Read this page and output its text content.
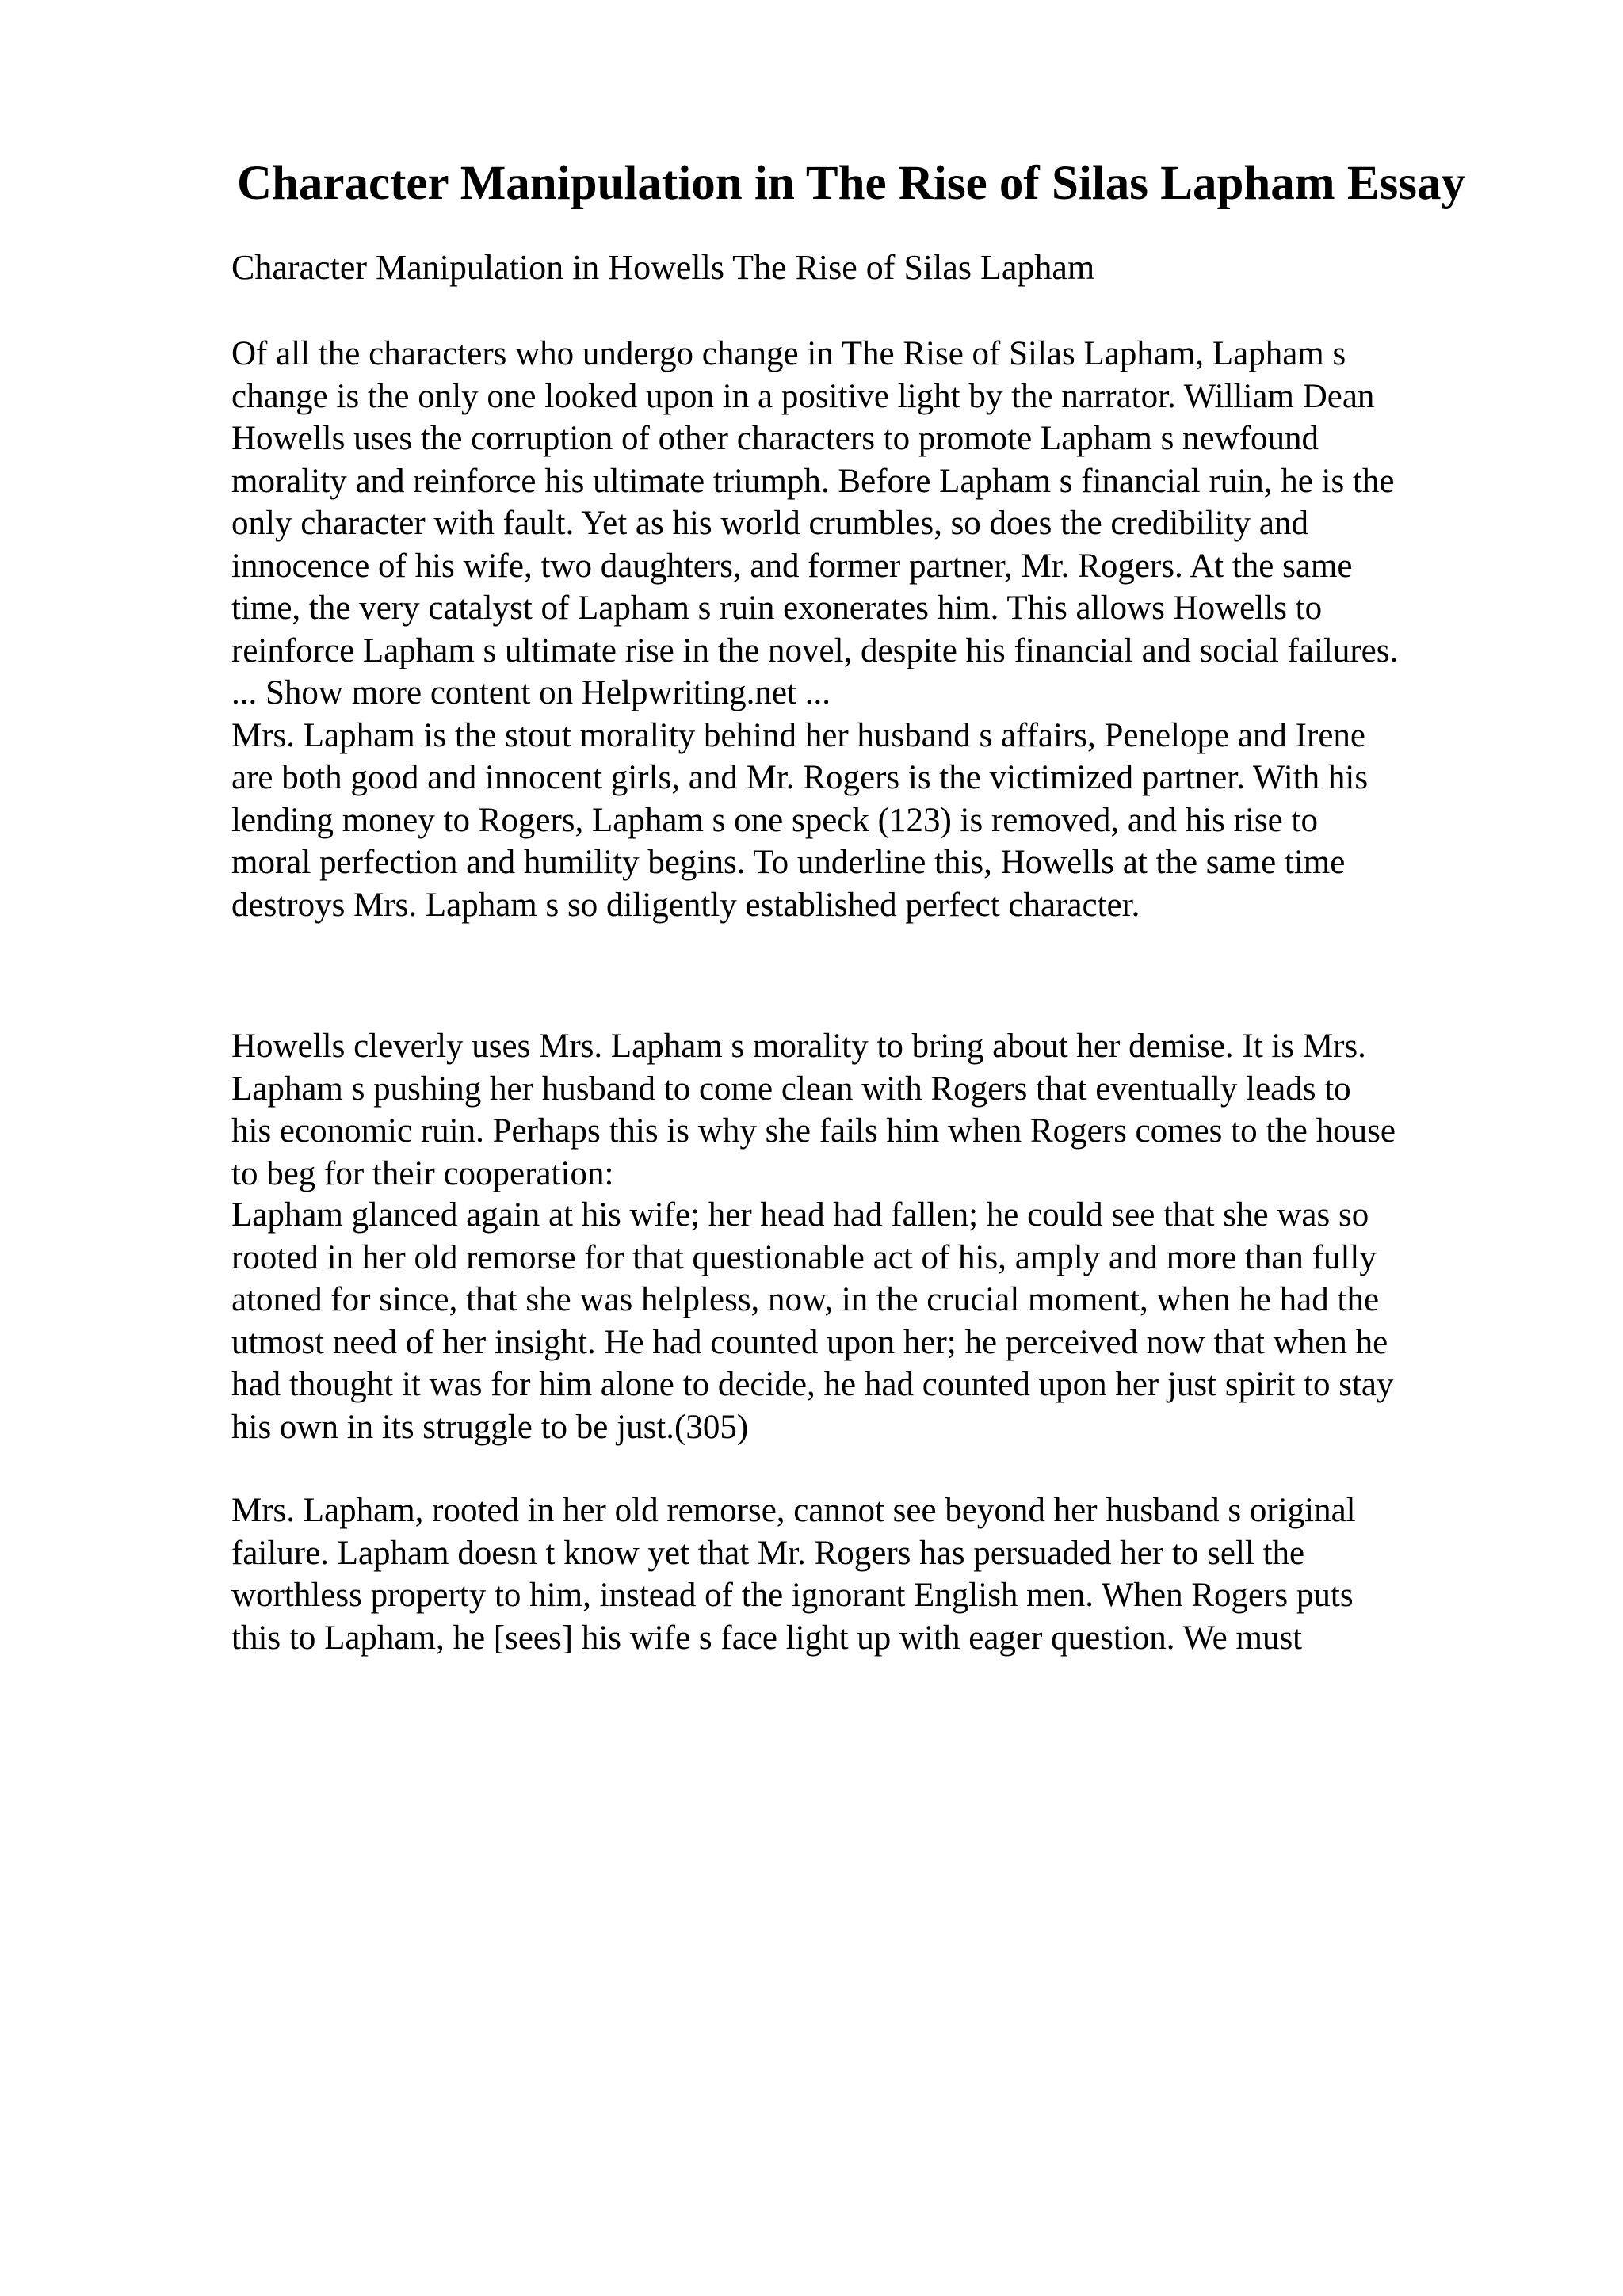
Character Manipulation in The Rise of Silas Lapham Essay

Character Manipulation in Howells The Rise of Silas Lapham

Of all the characters who undergo change in The Rise of Silas Lapham, Lapham s
change is the only one looked upon in a positive light by the narrator. William Dean
Howells uses the corruption of other characters to promote Lapham s newfound
morality and reinforce his ultimate triumph. Before Lapham s financial ruin, he is the
only character with fault. Yet as his world crumbles, so does the credibility and
innocence of his wife, two daughters, and former partner, Mr. Rogers. At the same
time, the very catalyst of Lapham s ruin exonerates him. This allows Howells to
reinforce Lapham s ultimate rise in the novel, despite his financial and social failures.
... Show more content on Helpwriting.net ...
Mrs. Lapham is the stout morality behind her husband s affairs, Penelope and Irene
are both good and innocent girls, and Mr. Rogers is the victimized partner. With his
lending money to Rogers, Lapham s one speck (123) is removed, and his rise to
moral perfection and humility begins. To underline this, Howells at the same time
destroys Mrs. Lapham s so diligently established perfect character.

Howells cleverly uses Mrs. Lapham s morality to bring about her demise. It is Mrs.
Lapham s pushing her husband to come clean with Rogers that eventually leads to
his economic ruin. Perhaps this is why she fails him when Rogers comes to the house
to beg for their cooperation:

Lapham glanced again at his wife; her head had fallen; he could see that she was so
rooted in her old remorse for that questionable act of his, amply and more than fully
atoned for since, that she was helpless, now, in the crucial moment, when he had the
utmost need of her insight. He had counted upon her; he perceived now that when he
had thought it was for him alone to decide, he had counted upon her just spirit to stay
his own in its struggle to be just.(305)

Mrs. Lapham, rooted in her old remorse, cannot see beyond her husband s original
failure. Lapham doesn t know yet that Mr. Rogers has persuaded her to sell the
worthless property to him, instead of the ignorant English men. When Rogers puts
this to Lapham, he [sees] his wife s face light up with eager question. We must
